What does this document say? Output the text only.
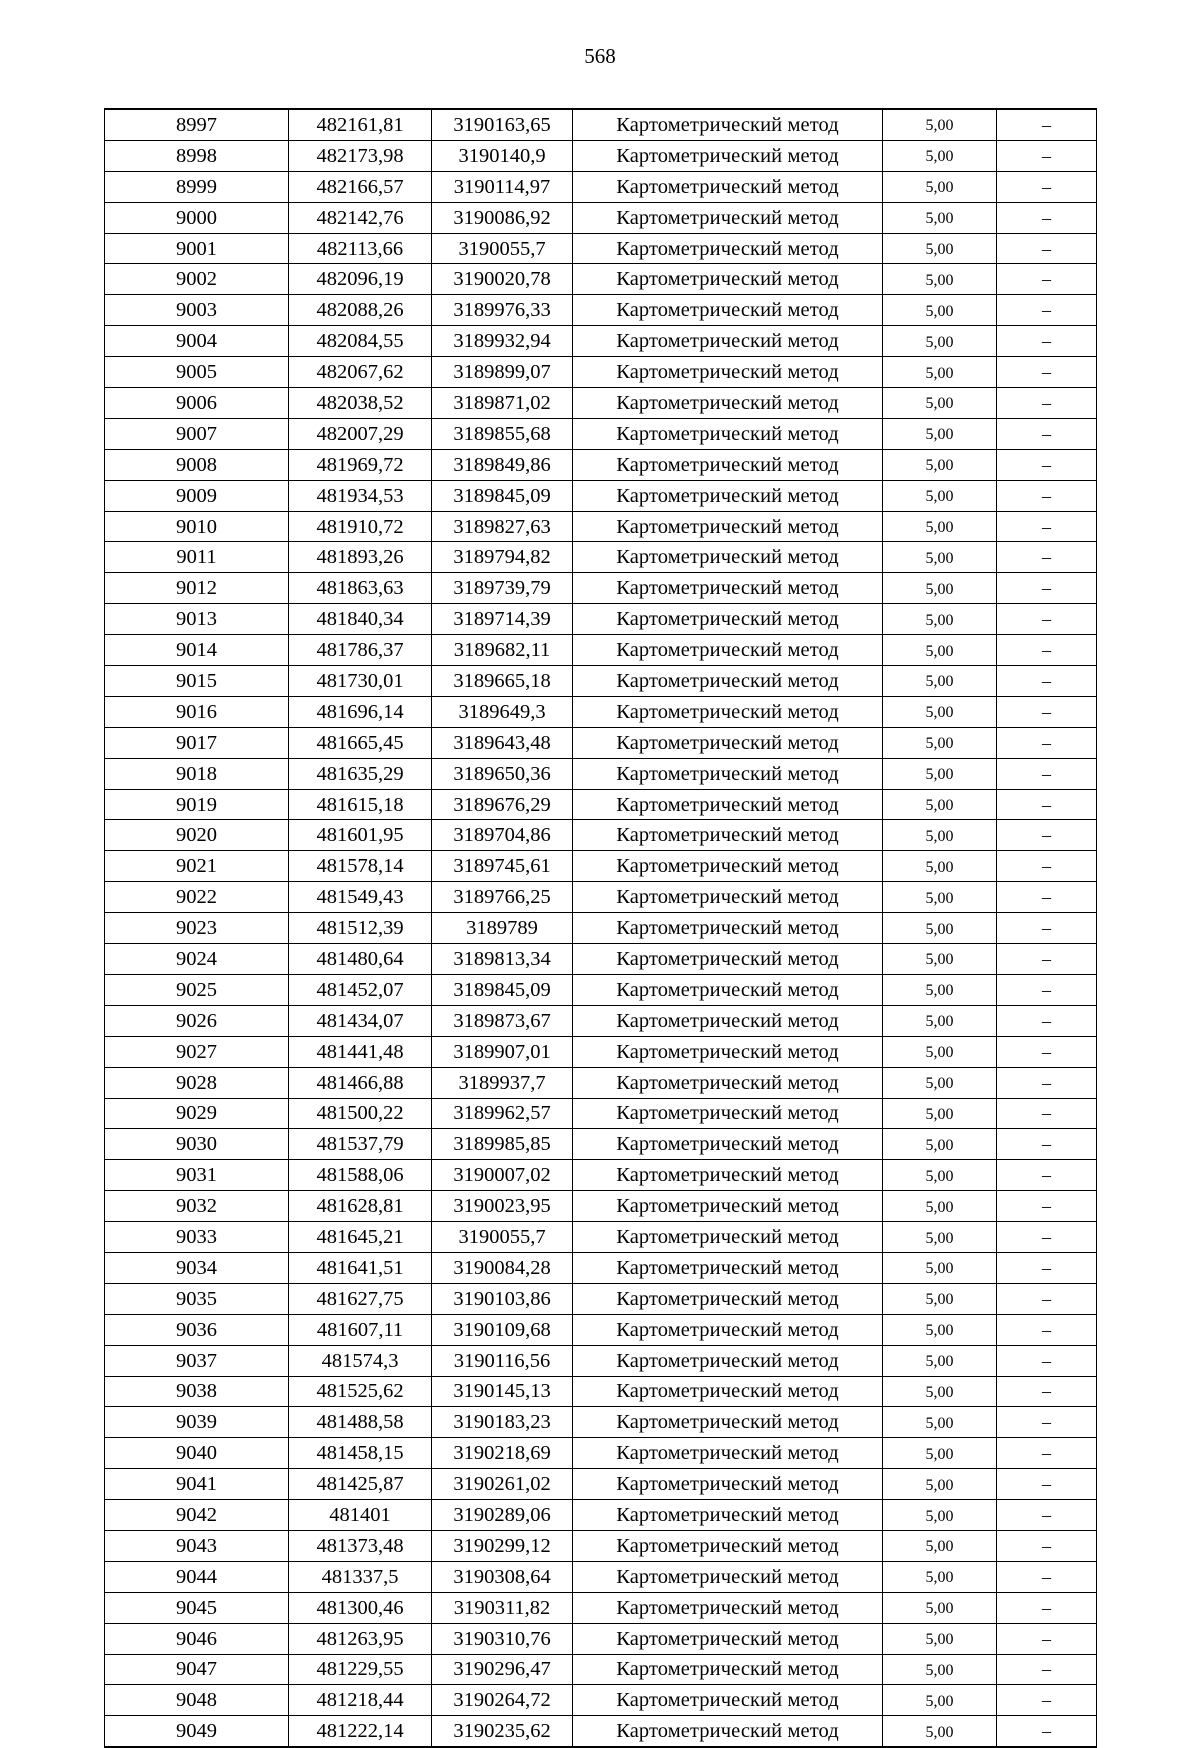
568
8997	482161,81	3190163,65	Картометрический метод	5,00	–
8998	482173,98	3190140,9	Картометрический метод	5,00	–
8999	482166,57	3190114,97	Картометрический метод	5,00	–
9000	482142,76	3190086,92	Картометрический метод	5,00	–
9001	482113,66	3190055,7	Картометрический метод	5,00	–
9002	482096,19	3190020,78	Картометрический метод	5,00	–
9003	482088,26	3189976,33	Картометрический метод	5,00	–
9004	482084,55	3189932,94	Картометрический метод	5,00	–
9005	482067,62	3189899,07	Картометрический метод	5,00	–
9006	482038,52	3189871,02	Картометрический метод	5,00	–
9007	482007,29	3189855,68	Картометрический метод	5,00	–
9008	481969,72	3189849,86	Картометрический метод	5,00	–
9009	481934,53	3189845,09	Картометрический метод	5,00	–
9010	481910,72	3189827,63	Картометрический метод	5,00	–
9011	481893,26	3189794,82	Картометрический метод	5,00	–
9012	481863,63	3189739,79	Картометрический метод	5,00	–
9013	481840,34	3189714,39	Картометрический метод	5,00	–
9014	481786,37	3189682,11	Картометрический метод	5,00	–
9015	481730,01	3189665,18	Картометрический метод	5,00	–
9016	481696,14	3189649,3	Картометрический метод	5,00	–
9017	481665,45	3189643,48	Картометрический метод	5,00	–
9018	481635,29	3189650,36	Картометрический метод	5,00	–
9019	481615,18	3189676,29	Картометрический метод	5,00	–
9020	481601,95	3189704,86	Картометрический метод	5,00	–
9021	481578,14	3189745,61	Картометрический метод	5,00	–
9022	481549,43	3189766,25	Картометрический метод	5,00	–
9023	481512,39	3189789	Картометрический метод	5,00	–
9024	481480,64	3189813,34	Картометрический метод	5,00	–
9025	481452,07	3189845,09	Картометрический метод	5,00	–
9026	481434,07	3189873,67	Картометрический метод	5,00	–
9027	481441,48	3189907,01	Картометрический метод	5,00	–
9028	481466,88	3189937,7	Картометрический метод	5,00	–
9029	481500,22	3189962,57	Картометрический метод	5,00	–
9030	481537,79	3189985,85	Картометрический метод	5,00	–
9031	481588,06	3190007,02	Картометрический метод	5,00	–
9032	481628,81	3190023,95	Картометрический метод	5,00	–
9033	481645,21	3190055,7	Картометрический метод	5,00	–
9034	481641,51	3190084,28	Картометрический метод	5,00	–
9035	481627,75	3190103,86	Картометрический метод	5,00	–
9036	481607,11	3190109,68	Картометрический метод	5,00	–
9037	481574,3	3190116,56	Картометрический метод	5,00	–
9038	481525,62	3190145,13	Картометрический метод	5,00	–
9039	481488,58	3190183,23	Картометрический метод	5,00	–
9040	481458,15	3190218,69	Картометрический метод	5,00	–
9041	481425,87	3190261,02	Картометрический метод	5,00	–
9042	481401	3190289,06	Картометрический метод	5,00	–
9043	481373,48	3190299,12	Картометрический метод	5,00	–
9044	481337,5	3190308,64	Картометрический метод	5,00	–
9045	481300,46	3190311,82	Картометрический метод	5,00	–
9046	481263,95	3190310,76	Картометрический метод	5,00	–
9047	481229,55	3190296,47	Картометрический метод	5,00	–
9048	481218,44	3190264,72	Картометрический метод	5,00	–
9049	481222,14	3190235,62	Картометрический метод	5,00	–
